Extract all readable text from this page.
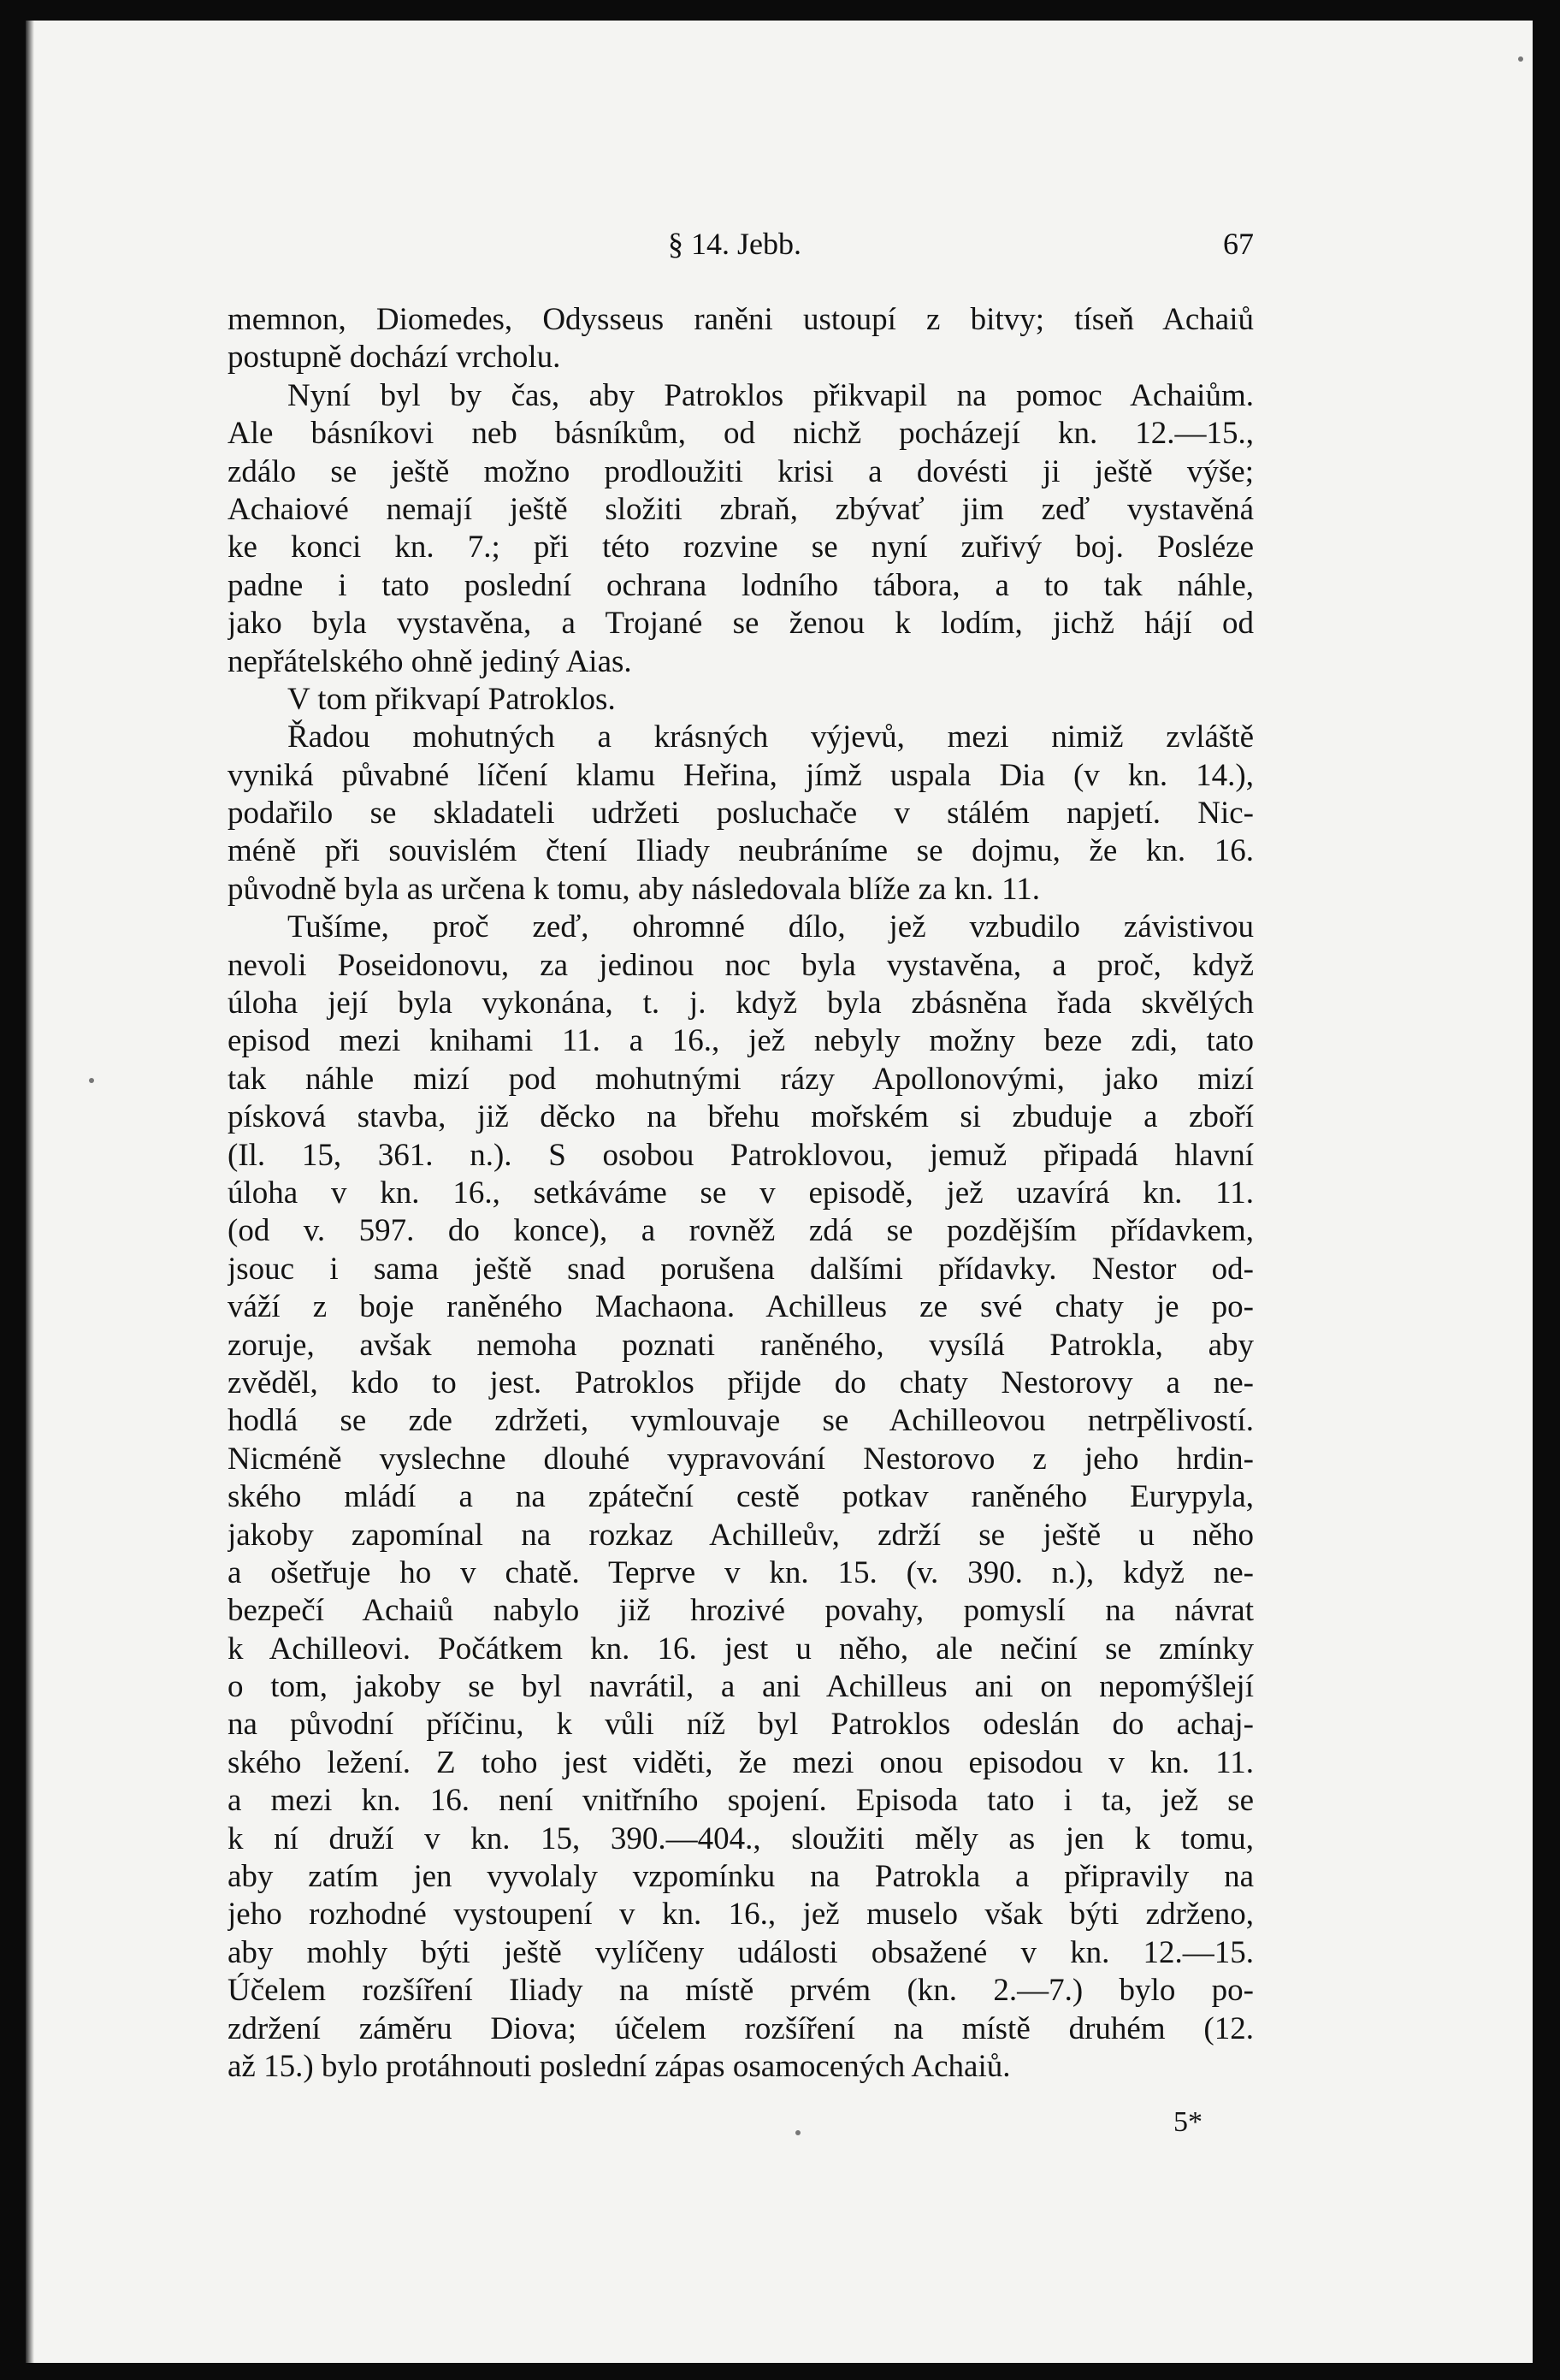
§ 14. Jebb.	67
memnon, Diomedes, Odysseus raněni ustoupí z bitvy; tíseň Achaiů
postupně dochází vrcholu.
Nyní byl by čas, aby Patroklos přikvapil na pomoc Achaiům.
Ale básníkovi neb básníkům, od nichž pocházejí kn. 12.—15.,
zdálo se ještě možno prodloužiti krisi a dovésti ji ještě výše;
Achaiové nemají ještě složiti zbraň, zbývať jim zeď vystavěná
ke konci kn. 7.; při této rozvine se nyní zuřivý boj. Posléze
padne i tato poslední ochrana lodního tábora, a to tak náhle,
jako byla vystavěna, a Trojané se ženou k lodím, jichž hájí od
nepřátelského ohně jediný Aias.
V tom přikvapí Patroklos.
Řadou mohutných a krásných výjevů, mezi nimiž zvláště
vyniká půvabné líčení klamu Heřina, jímž uspala Dia (v kn. 14.),
podařilo se skladateli udržeti posluchače v stálém napjetí. Nic-
méně při souvislém čtení Iliady neubráníme se dojmu, že kn. 16.
původně byla as určena k tomu, aby následovala blíže za kn. 11.
Tušíme, proč zeď, ohromné dílo, jež vzbudilo závistivou
nevoli Poseidonovu, za jedinou noc byla vystavěna, a proč, když
úloha její byla vykonána, t. j. když byla zbásněna řada skvělých
episod mezi knihami 11. a 16., jež nebyly možny beze zdi, tato
tak náhle mizí pod mohutnými rázy Apollonovými, jako mizí
písková stavba, již děcko na břehu mořském si zbuduje a zboří
(Il. 15, 361. n.). S osobou Patroklovou, jemuž připadá hlavní
úloha v kn. 16., setkáváme se v episodě, jež uzavírá kn. 11.
(od v. 597. do konce), a rovněž zdá se pozdějším přídavkem,
jsouc i sama ještě snad porušena dalšími přídavky. Nestor od-
váží z boje raněného Machaona. Achilleus ze své chaty je po-
zoruje, avšak nemoha poznati raněného, vysílá Patrokla, aby
zvěděl, kdo to jest. Patroklos přijde do chaty Nestorovy a ne-
hodlá se zde zdržeti, vymlouvaje se Achilleovou netrpělivostí.
Nicméně vyslechne dlouhé vypravování Nestorovo z jeho hrdin-
ského mládí a na zpáteční cestě potkav raněného Eurypyla,
jakoby zapomínal na rozkaz Achilleův, zdrží se ještě u něho
a ošetřuje ho v chatě. Teprve v kn. 15. (v. 390. n.), když ne-
bezpečí Achaiů nabylo již hrozivé povahy, pomyslí na návrat
k Achilleovi. Počátkem kn. 16. jest u něho, ale nečiní se zmínky
o tom, jakoby se byl navrátil, a ani Achilleus ani on nepomýšlejí
na původní příčinu, k vůli níž byl Patroklos odeslán do achaj-
ského ležení. Z toho jest viděti, že mezi onou episodou v kn. 11.
a mezi kn. 16. není vnitřního spojení. Episoda tato i ta, jež se
k ní druží v kn. 15, 390.—404., sloužiti měly as jen k tomu,
aby zatím jen vyvolaly vzpomínku na Patrokla a připravily na
jeho rozhodné vystoupení v kn. 16., jež muselo však býti zdrženo,
aby mohly býti ještě vylíčeny události obsažené v kn. 12.—15.
Účelem rozšíření Iliady na místě prvém (kn. 2.—7.) bylo po-
zdržení záměru Diova; účelem rozšíření na místě druhém (12.
až 15.) bylo protáhnouti poslední zápas osamocených Achaiů.
5*
